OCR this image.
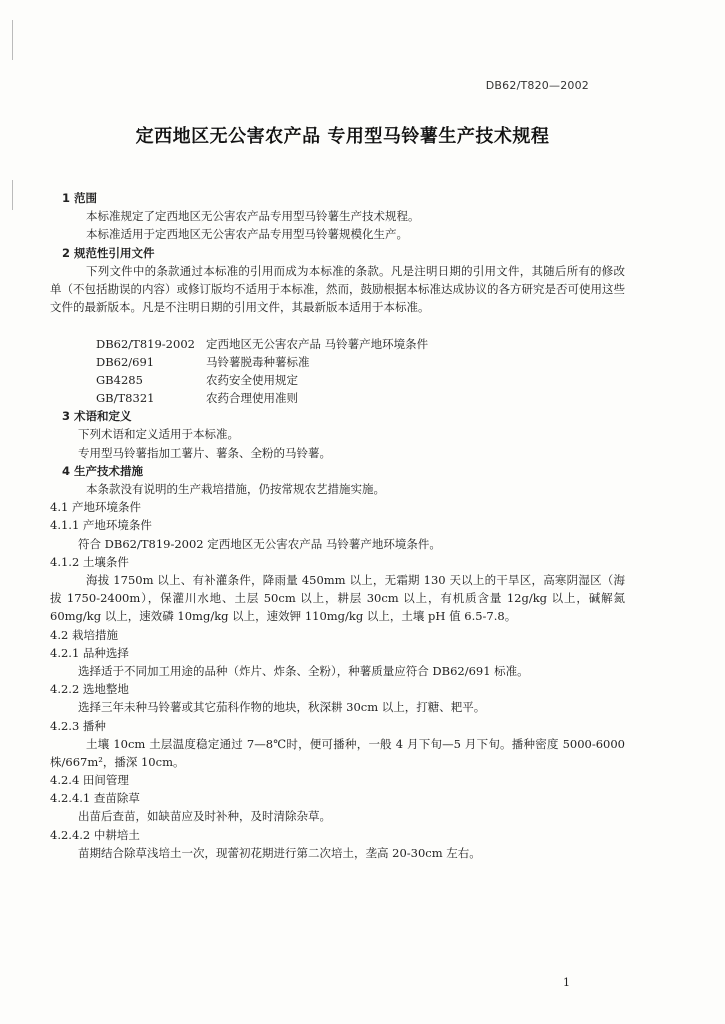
DB62/T820—2002

定西地区无公害农产品 专用型马铃薯生产技术规程
1 范围
本标准规定了定西地区无公害农产品专用型马铃薯生产技术规程。
本标准适用于定西地区无公害农产品专用型马铃薯规模化生产。
2 规范性引用文件
下列文件中的条款通过本标准的引用而成为本标准的条款。凡是注明日期的引用文件，其随后所有的修改单（不包括勘误的内容）或修订版均不适用于本标准，然而，鼓励根据本标准达成协议的各方研究是否可使用这些文件的最新版本。凡是不注明日期的引用文件，其最新版本适用于本标准。
DB62/T819-2002 定西地区无公害农产品 马铃薯产地环境条件
DB62/691	马铃薯脱毒种薯标准
GB4285	农药安全使用规定
GB/T8321	农药合理使用准则
3 术语和定义
下列术语和定义适用于本标准。
专用型马铃薯指加工薯片、薯条、全粉的马铃薯。
4 生产技术措施
本条款没有说明的生产栽培措施，仍按常规农艺措施实施。
4.1 产地环境条件
4.1.1 产地环境条件
符合 DB62/T819-2002 定西地区无公害农产品 马铃薯产地环境条件。
4.1.2 土壤条件
海拔 1750m 以上、有补灌条件，降雨量 450mm 以上，无霜期 130 天以上的干旱区，高寒阴湿区（海拔 1750-2400m），保灌川水地、土层 50cm 以上，耕层 30cm 以上，有机质含量 12g/kg 以上，碱解氮 60mg/kg 以上，速效磷 10mg/kg 以上，速效钾 110mg/kg 以上，土壤 pH 值 6.5-7.8。
4.2 栽培措施
4.2.1 品种选择
选择适于不同加工用途的品种（炸片、炸条、全粉），种薯质量应符合 DB62/691 标准。
4.2.2 选地整地
选择三年未种马铃薯或其它茄科作物的地块，秋深耕 30cm 以上，打糖、耙平。
4.2.3 播种
土壤 10cm 土层温度稳定通过 7—8℃时，便可播种，一般 4 月下旬—5 月下旬。播种密度 5000-6000 株/667m²，播深 10cm。
4.2.4 田间管理
4.2.4.1 查苗除草
出苗后查苗，如缺苗应及时补种，及时清除杂草。
4.2.4.2 中耕培土
苗期结合除草浅培土一次，现蕾初花期进行第二次培土，垄高 20-30cm 左右。

1
